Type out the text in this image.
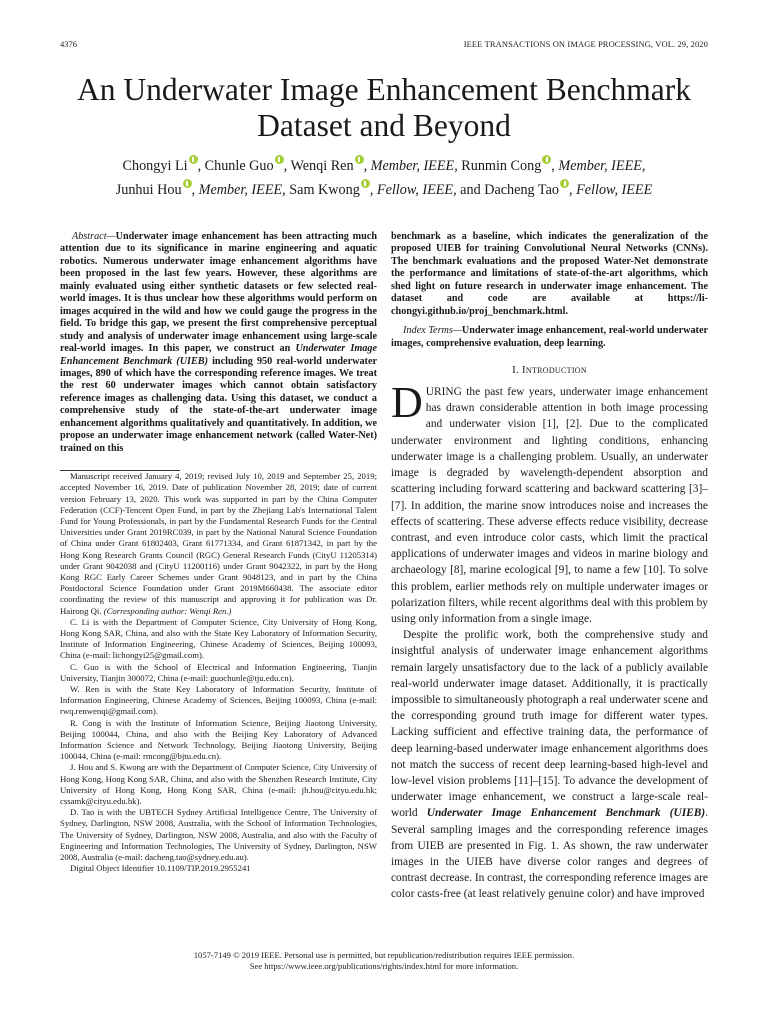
4376	IEEE TRANSACTIONS ON IMAGE PROCESSING, VOL. 29, 2020
An Underwater Image Enhancement Benchmark
Dataset and Beyond
Chongyi Li , Chunle Guo , Wenqi Ren , Member, IEEE, Runmin Cong , Member, IEEE,
Junhui Hou , Member, IEEE, Sam Kwong , Fellow, IEEE, and Dacheng Tao , Fellow, IEEE

Abstract—Underwater image enhancement has been attracting much attention due to its significance in marine engineering and aquatic robotics. Numerous underwater image enhancement algorithms have been proposed in the last few years. However, these algorithms are mainly evaluated using either synthetic datasets or few selected real-world images. It is thus unclear how these algorithms would perform on images acquired in the wild and how we could gauge the progress in the field. To bridge this gap, we present the first comprehensive perceptual study and analysis of underwater image enhancement using large-scale real-world images. In this paper, we construct an Underwater Image Enhancement Benchmark (UIEB) including 950 real-world underwater images, 890 of which have the corresponding reference images. We treat the rest 60 underwater images which cannot obtain satisfactory reference images as challenging data. Using this dataset, we conduct a comprehensive study of the state-of-the-art underwater image enhancement algorithms qualitatively and quantitatively. In addition, we propose an underwater image enhancement network (called Water-Net) trained on this

Manuscript received January 4, 2019; revised July 10, 2019 and September 25, 2019; accepted November 16, 2019. Date of publication November 28, 2019; date of current version February 13, 2020. This work was supported in part by the China Computer Federation (CCF)-Tencent Open Fund, in part by the Zhejiang Lab's International Talent Fund for Young Professionals, in part by the Fundamental Research Funds for the Central Universities under Grant 2019RC039, in part by the National Natural Science Foundation of China under Grant 61802403, Grant 61771334, and Grant 61871342, in part by the Hong Kong Research Grants Council (RGC) General Research Funds (CityU 11205314) under Grant 9042038 and (CityU 11200116) under Grant 9042322, in part by the Hong Kong RGC Early Career Schemes under Grant 9048123, and in part by the China Postdoctoral Science Foundation under Grant 2019M660438. The associate editor coordinating the review of this manuscript and approving it for publication was Dr. Hairong Qi. (Corresponding author: Wenqi Ren.)

C. Li is with the Department of Computer Science, City University of Hong Kong, Hong Kong SAR, China, and also with the State Key Laboratory of Information Security, Institute of Information Engineering, Chinese Academy of Sciences, Beijing 100093, China (e-mail: lichongyi25@gmail.com).

C. Guo is with the School of Electrical and Information Engineering, Tianjin University, Tianjin 300072, China (e-mail: guochunle@tju.edu.cn).

W. Ren is with the State Key Laboratory of Information Security, Institute of Information Engineering, Chinese Academy of Sciences, Beijing 100093, China (e-mail: rwq.renwenqi@gmail.com).

R. Cong is with the Institute of Information Science, Beijing Jiaotong University, Beijing 100044, China, and also with the Beijing Key Laboratory of Advanced Information Science and Network Technology, Beijing Jiaotong University, Beijing 100044, China (e-mail: rmcong@bjtu.edu.cn).

J. Hou and S. Kwong are with the Department of Computer Science, City University of Hong Kong, Hong Kong SAR, China, and also with the Shenzhen Research Institute, City University of Hong Kong, Hong Kong SAR, China (e-mail: jh.hou@cityu.edu.hk; cssamk@cityu.edu.hk).

D. Tao is with the UBTECH Sydney Artificial Intelligence Centre, The University of Sydney, Darlington, NSW 2008, Australia, with the School of Information Technologies, The University of Sydney, Darlington, NSW 2008, Australia, and also with the Faculty of Engineering and Information Technologies, The University of Sydney, Darlington, NSW 2008, Australia (e-mail: dacheng.tao@sydney.edu.au).

Digital Object Identifier 10.1109/TIP.2019.2955241

benchmark as a baseline, which indicates the generalization of the proposed UIEB for training Convolutional Neural Networks (CNNs). The benchmark evaluations and the proposed Water-Net demonstrate the performance and limitations of state-of-the-art algorithms, which shed light on future research in underwater image enhancement. The dataset and code are available at https://li-chongyi.github.io/proj_benchmark.html.

Index Terms—Underwater image enhancement, real-world underwater images, comprehensive evaluation, deep learning.

I. Introduction

DURING the past few years, underwater image enhancement has drawn considerable attention in both image processing and underwater vision [1], [2]. Due to the complicated underwater environment and lighting conditions, enhancing underwater image is a challenging problem. Usually, an underwater image is degraded by wavelength-dependent absorption and scattering including forward scattering and backward scattering [3]–[7]. In addition, the marine snow introduces noise and increases the effects of scattering. These adverse effects reduce visibility, decrease contrast, and even introduce color casts, which limit the practical applications of underwater images and videos in marine biology and archaeology [8], marine ecological [9], to name a few [10]. To solve this problem, earlier methods rely on multiple underwater images or polarization filters, while recent algorithms deal with this problem by using only information from a single image.

Despite the prolific work, both the comprehensive study and insightful analysis of underwater image enhancement algorithms remain largely unsatisfactory due to the lack of a publicly available real-world underwater image dataset. Additionally, it is practically impossible to simultaneously photograph a real underwater scene and the corresponding ground truth image for different water types. Lacking sufficient and effective training data, the performance of deep learning-based underwater image enhancement algorithms does not match the success of recent deep learning-based high-level and low-level vision problems [11]–[15]. To advance the development of underwater image enhancement, we construct a large-scale real-world Underwater Image Enhancement Benchmark (UIEB). Several sampling images and the corresponding reference images from UIEB are presented in Fig. 1. As shown, the raw underwater images in the UIEB have diverse color ranges and degrees of contrast decrease. In contrast, the corresponding reference images are color casts-free (at least relatively genuine color) and have improved

1057-7149 © 2019 IEEE. Personal use is permitted, but republication/redistribution requires IEEE permission.
See https://www.ieee.org/publications/rights/index.html for more information.
